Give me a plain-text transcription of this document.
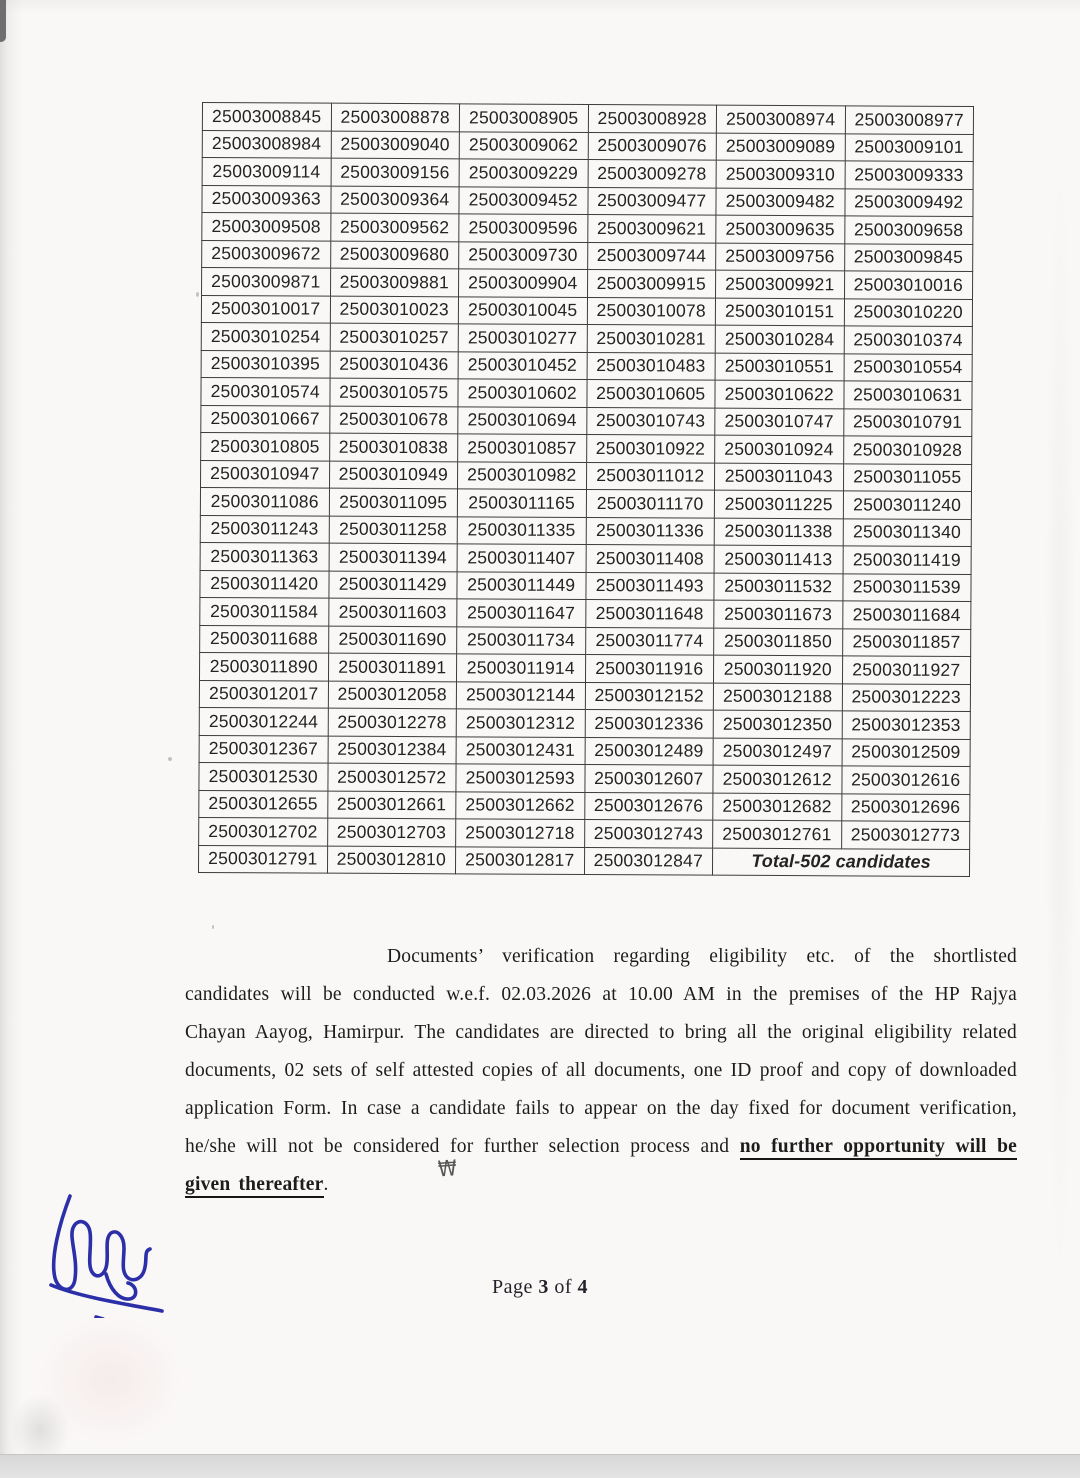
25003008845	25003008878	25003008905	25003008928	25003008974	25003008977
25003008984	25003009040	25003009062	25003009076	25003009089	25003009101
25003009114	25003009156	25003009229	25003009278	25003009310	25003009333
25003009363	25003009364	25003009452	25003009477	25003009482	25003009492
25003009508	25003009562	25003009596	25003009621	25003009635	25003009658
25003009672	25003009680	25003009730	25003009744	25003009756	25003009845
25003009871	25003009881	25003009904	25003009915	25003009921	25003010016
25003010017	25003010023	25003010045	25003010078	25003010151	25003010220
25003010254	25003010257	25003010277	25003010281	25003010284	25003010374
25003010395	25003010436	25003010452	25003010483	25003010551	25003010554
25003010574	25003010575	25003010602	25003010605	25003010622	25003010631
25003010667	25003010678	25003010694	25003010743	25003010747	25003010791
25003010805	25003010838	25003010857	25003010922	25003010924	25003010928
25003010947	25003010949	25003010982	25003011012	25003011043	25003011055
25003011086	25003011095	25003011165	25003011170	25003011225	25003011240
25003011243	25003011258	25003011335	25003011336	25003011338	25003011340
25003011363	25003011394	25003011407	25003011408	25003011413	25003011419
25003011420	25003011429	25003011449	25003011493	25003011532	25003011539
25003011584	25003011603	25003011647	25003011648	25003011673	25003011684
25003011688	25003011690	25003011734	25003011774	25003011850	25003011857
25003011890	25003011891	25003011914	25003011916	25003011920	25003011927
25003012017	25003012058	25003012144	25003012152	25003012188	25003012223
25003012244	25003012278	25003012312	25003012336	25003012350	25003012353
25003012367	25003012384	25003012431	25003012489	25003012497	25003012509
25003012530	25003012572	25003012593	25003012607	25003012612	25003012616
25003012655	25003012661	25003012662	25003012676	25003012682	25003012696
25003012702	25003012703	25003012718	25003012743	25003012761	25003012773
25003012791	25003012810	25003012817	25003012847	Total-502 candidates	

Documents’ verification regarding eligibility etc. of the shortlisted candidates will be conducted w.e.f. 02.03.2026 at 10.00 AM in the premises of the HP Rajya Chayan Aayog, Hamirpur. The candidates are directed to bring all the original eligibility related documents, 02 sets of self attested copies of all documents, one ID proof and copy of downloaded application Form. In case a candidate fails to appear on the day fixed for document verification, he/she will not be considered for further selection process and no further opportunity will be given thereafter.

₩
Page 3 of 4
